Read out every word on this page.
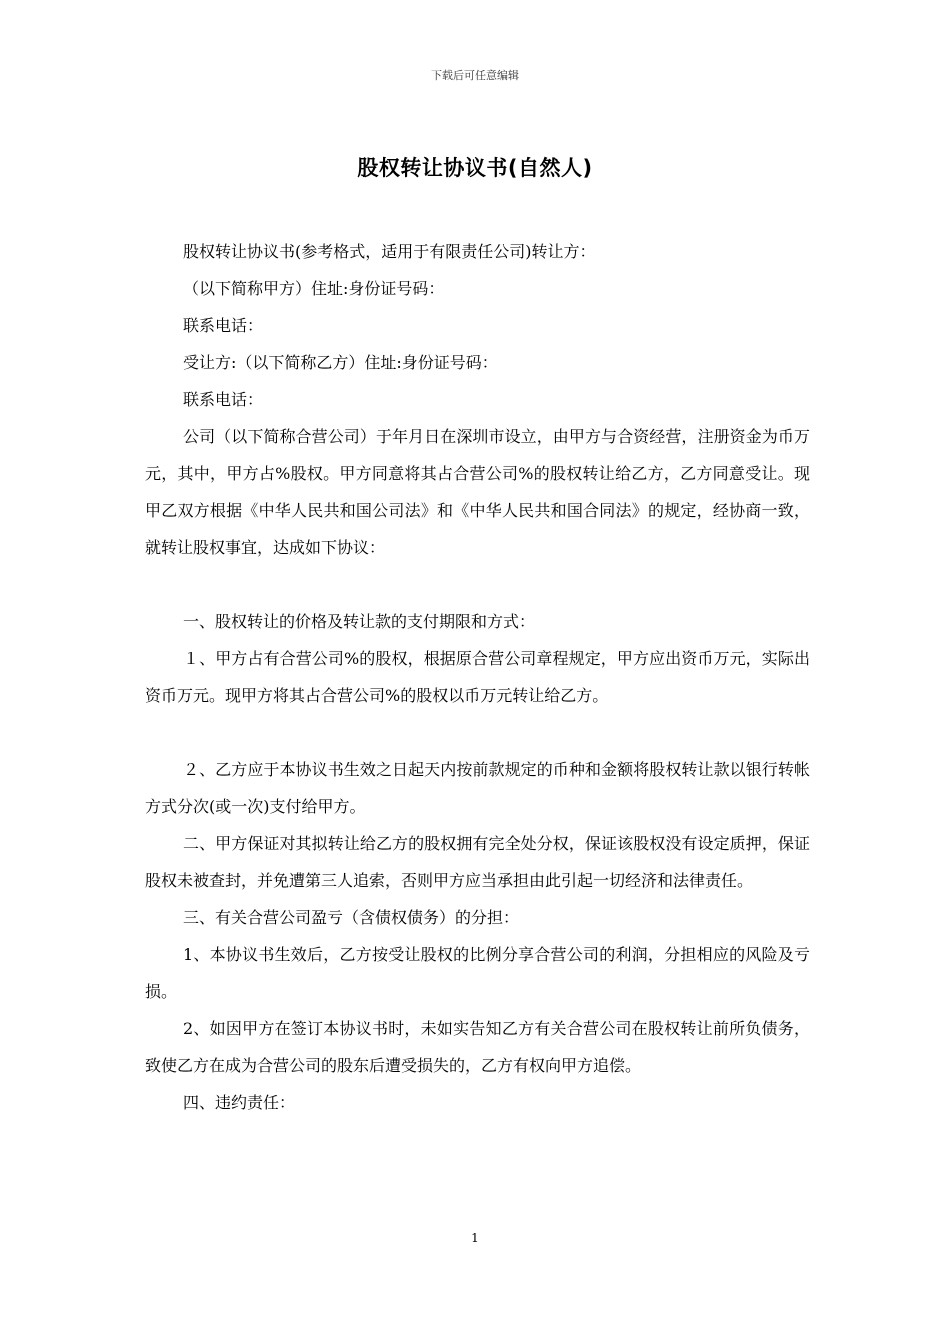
下载后可任意编辑
股权转让协议书(自然人)

股权转让协议书(参考格式，适用于有限责任公司)转让方：

（以下简称甲方）住址:身份证号码：

联系电话：

受让方:（以下简称乙方）住址:身份证号码：

联系电话：

公司（以下简称合营公司）于年月日在深圳市设立，由甲方与合资经营，注册资金为币万元，其中，甲方占%股权。甲方同意将其占合营公司%的股权转让给乙方，乙方同意受让。现甲乙双方根据《中华人民共和国公司法》和《中华人民共和国合同法》的规定，经协商一致，就转让股权事宜，达成如下协议：

一、股权转让的价格及转让款的支付期限和方式：

１、甲方占有合营公司%的股权，根据原合营公司章程规定，甲方应出资币万元，实际出资币万元。现甲方将其占合营公司%的股权以币万元转让给乙方。

２、乙方应于本协议书生效之日起天内按前款规定的币种和金额将股权转让款以银行转帐方式分次(或一次)支付给甲方。

二、甲方保证对其拟转让给乙方的股权拥有完全处分权，保证该股权没有设定质押，保证股权未被查封，并免遭第三人追索，否则甲方应当承担由此引起一切经济和法律责任。

三、有关合营公司盈亏（含债权债务）的分担：

1、本协议书生效后，乙方按受让股权的比例分享合营公司的利润，分担相应的风险及亏损。

2、如因甲方在签订本协议书时，未如实告知乙方有关合营公司在股权转让前所负债务，致使乙方在成为合营公司的股东后遭受损失的，乙方有权向甲方追偿。

四、违约责任：

1
